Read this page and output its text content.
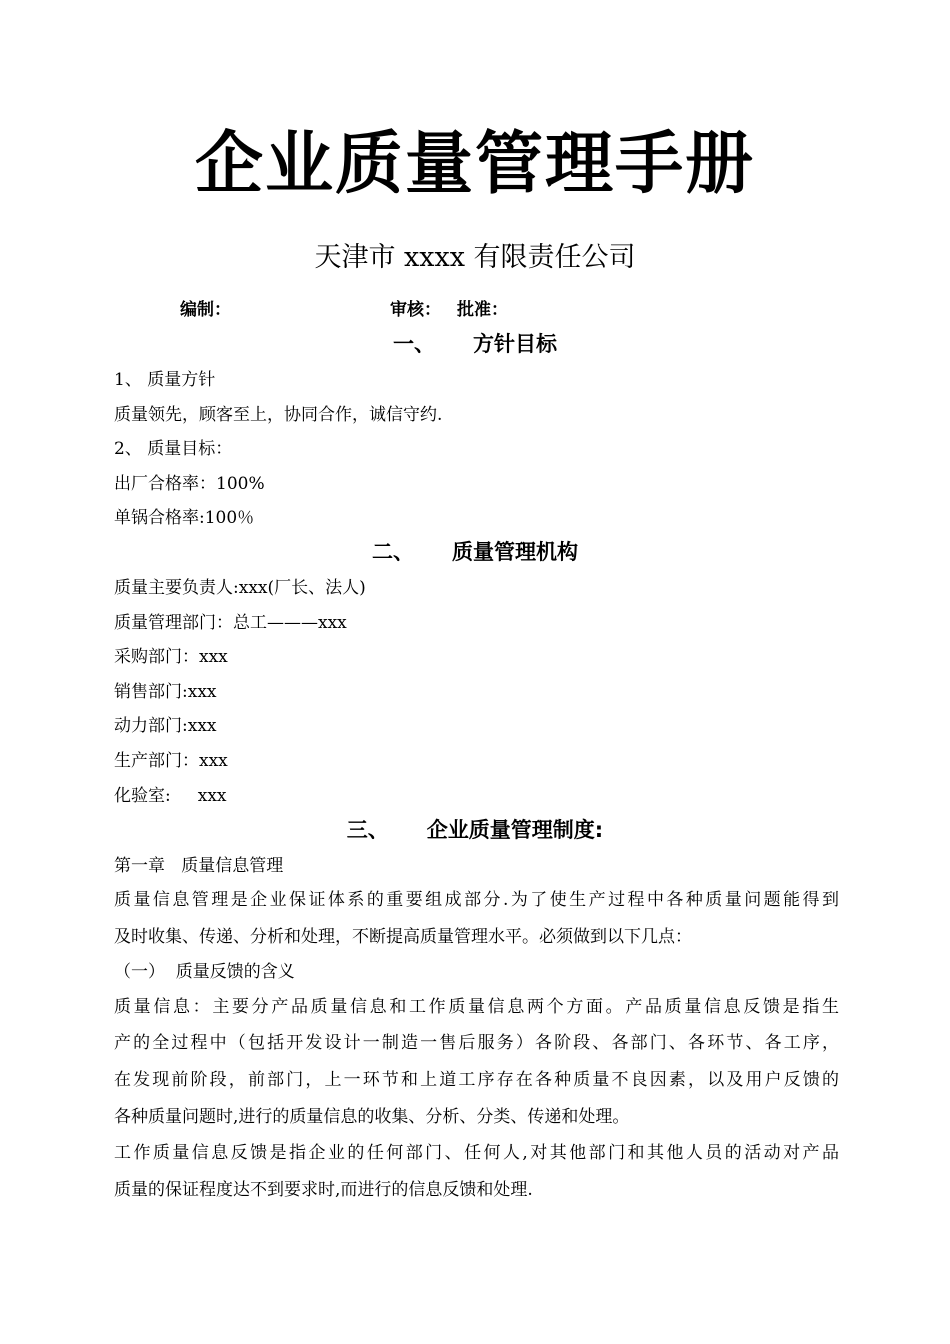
企业质量管理手册
天津市 xxxx 有限责任公司
编制：	审核： 批准：
一、 方针目标
1、 质量方针
质量领先，顾客至上，协同合作，诚信守约.
2、 质量目标：
出厂合格率：100%
单锅合格率:100％
二、 质量管理机构
质量主要负责人:xxx(厂长、法人)
质量管理部门：总工———xxx
采购部门：xxx
销售部门:xxx
动力部门:xxx
生产部门：xxx
化验室:     xxx
三、 企业质量管理制度:
第一章   质量信息管理
质量信息管理是企业保证体系的重要组成部分.为了使生产过程中各种质量问题能得到
及时收集、传递、分析和处理，不断提高质量管理水平。必须做到以下几点：
（一）  质量反馈的含义
质量信息：主要分产品质量信息和工作质量信息两个方面。产品质量信息反馈是指生
产的全过程中（包括开发设计一制造一售后服务）各阶段、各部门、各环节、各工序，
在发现前阶段，前部门，上一环节和上道工序存在各种质量不良因素，以及用户反馈的
各种质量问题时,进行的质量信息的收集、分析、分类、传递和处理。
工作质量信息反馈是指企业的任何部门、任何人,对其他部门和其他人员的活动对产品
质量的保证程度达不到要求时,而进行的信息反馈和处理.
